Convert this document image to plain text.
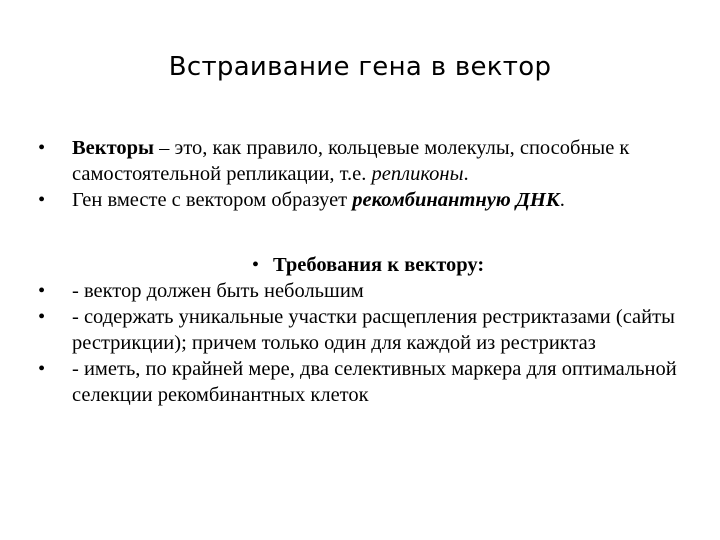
Встраивание гена в вектор

•	Векторы – это, как правило, кольцевые молекулы, способные к самостоятельной репликации, т.е. репликоны.

•	Ген вместе с вектором образует рекомбинантную ДНК.

• Требования к вектору:

•	- вектор должен быть небольшим

•	- содержать уникальные участки расщепления рестриктазами (сайты рестрикции); причем только один для каждой из рестриктаз

•	- иметь, по крайней мере, два селективных маркера для оптимальной селекции рекомбинантных клеток
